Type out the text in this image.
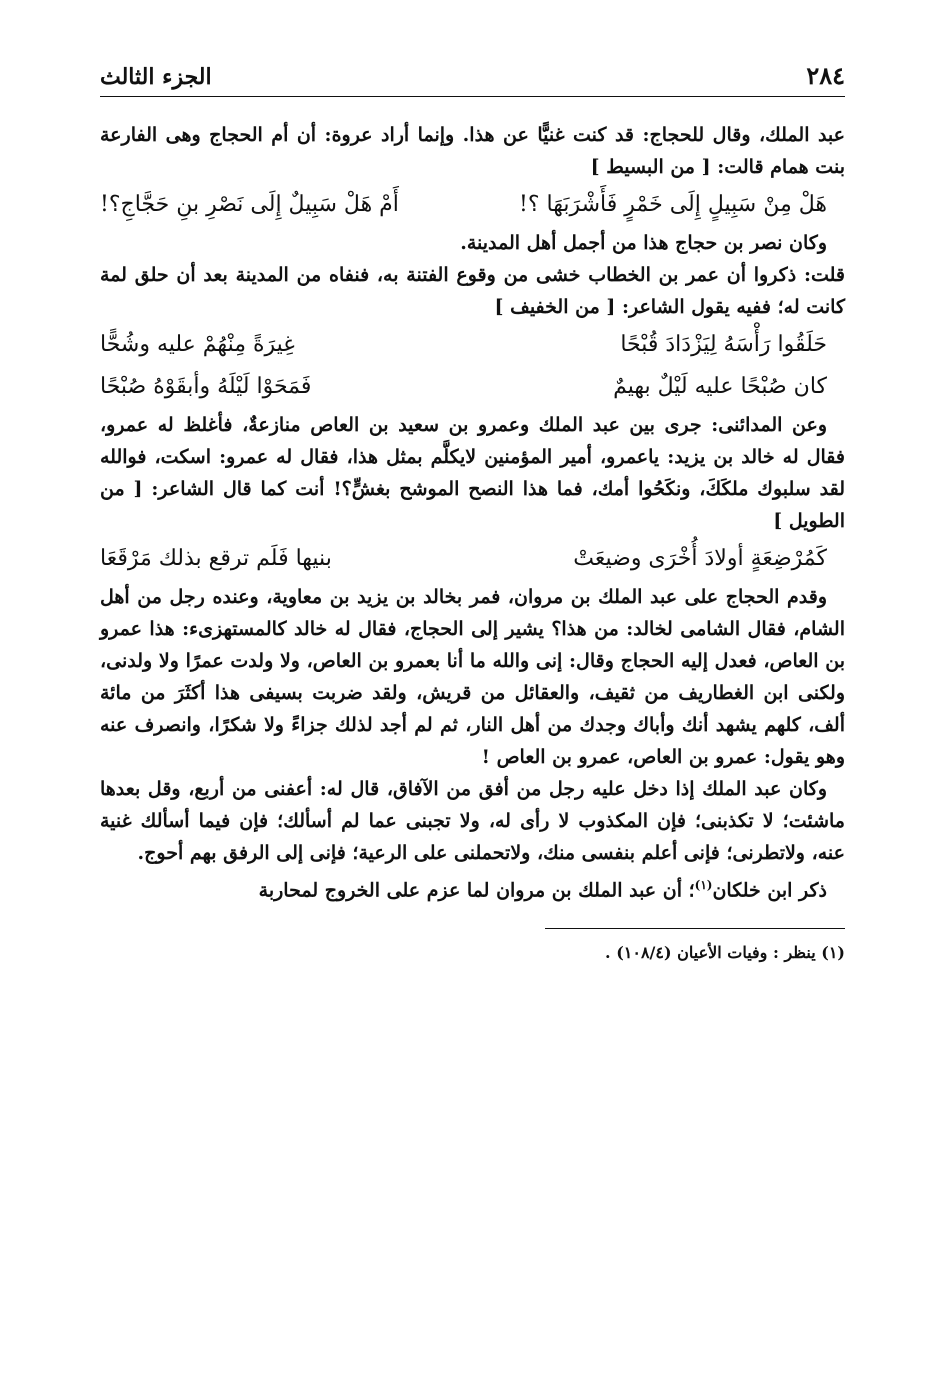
٢٨٤
الجزء الثالث

عبد الملك، وقال للحجاج: قد كنت غنيًّا عن هذا. وإنما أراد عروة: أن أم الحجاج وهى الفارعة بنت همام قالت: [ من البسيط ]

هَلْ مِنْ سَبِيلٍ إِلَى خَمْرٍ فَأَشْرَبَهَا ؟!
أَمْ هَلْ سَبِيلٌ إِلَى نَصْرِ بنِ حَجَّاجِ؟!

وكان نصر بن حجاج هذا من أجمل أهل المدينة.

قلت: ذكروا أن عمر بن الخطاب خشى من وقوع الفتنة به، فنفاه من المدينة بعد أن حلق لمة كانت له؛ ففيه يقول الشاعر: [ من الخفيف ]

حَلَقُوا رَأْسَهُ لِيَزْدَادَ قُبْحًا
غِيرَةً مِنْهُمْ عليه وشُحًّا
كان صُبْحًا عليه لَيْلٌ بهيمٌ
فَمَحَوْا لَيْلَهُ وأبقَوْهُ صُبْحًا

وعن المدائنى: جرى بين عبد الملك وعمرو بن سعيد بن العاص منازعةٌ، فأغلظ له عمرو، فقال له خالد بن يزيد: ياعمرو، أمير المؤمنين لايكلَّم بمثل هذا، فقال له عمرو: اسكت، فوالله لقد سلبوك ملكَكَ، ونكَحُوا أمك، فما هذا النصح الموشح بغشٍّ؟! أنت كما قال الشاعر: [ من الطويل ]

كَمُرْضِعَةٍ أولادَ أُخْرَى وضيعَتْ
بنيها فَلَم ترقع بذلك مَرْقَعَا

وقدم الحجاج على عبد الملك بن مروان، فمر بخالد بن يزيد بن معاوية، وعنده رجل من أهل الشام، فقال الشامى لخالد: من هذا؟ يشير إلى الحجاج، فقال له خالد كالمستهزىء: هذا عمرو بن العاص، فعدل إليه الحجاج وقال: إنى والله ما أنا بعمرو بن العاص، ولا ولدت عمرًا ولا ولدنى، ولكنى ابن الغطاريف من ثقيف، والعقائل من قريش، ولقد ضربت بسيفى هذا أكثَرَ من مائة ألف، كلهم يشهد أنك وأباك وجدك من أهل النار، ثم لم أجد لذلك جزاءً ولا شكرًا، وانصرف عنه وهو يقول: عمرو بن العاص، عمرو بن العاص !

وكان عبد الملك إذا دخل عليه رجل من أفق من الآفاق، قال له: أعفنى من أربع، وقل بعدها ماشئت؛ لا تكذبنى؛ فإن المكذوب لا رأى له، ولا تجبنى عما لم أسألك؛ فإن فيما أسألك غنية عنه، ولاتطرنى؛ فإنى أعلم بنفسى منك، ولاتحملنى على الرعية؛ فإنى إلى الرفق بهم أحوج.

ذكر ابن خلكان$^{(١)}$؛ أن عبد الملك بن مروان لما عزم على الخروج لمحاربة

(١) ينظر : وفيات الأعيان (١٠٨/٤) .
